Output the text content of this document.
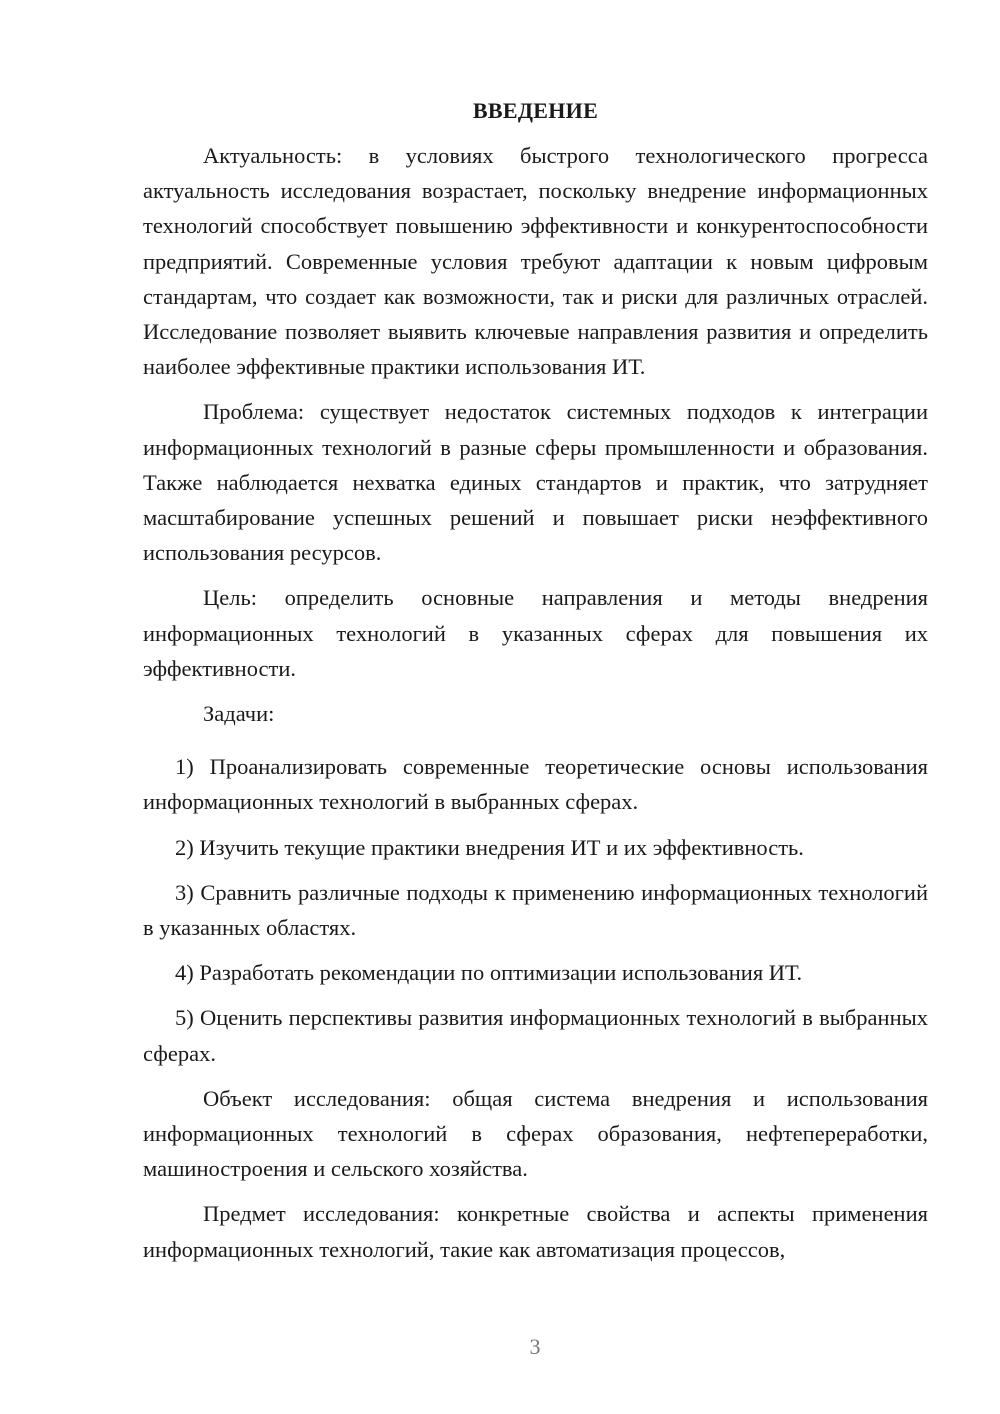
ВВЕДЕНИЕ
Актуальность: в условиях быстрого технологического прогресса актуальность исследования возрастает, поскольку внедрение информационных технологий способствует повышению эффективности и конкурентоспособности предприятий. Современные условия требуют адаптации к новым цифровым стандартам, что создает как возможности, так и риски для различных отраслей. Исследование позволяет выявить ключевые направления развития и определить наиболее эффективные практики использования ИТ.
Проблема: существует недостаток системных подходов к интеграции информационных технологий в разные сферы промышленности и образования. Также наблюдается нехватка единых стандартов и практик, что затрудняет масштабирование успешных решений и повышает риски неэффективного использования ресурсов.
Цель: определить основные направления и методы внедрения информационных технологий в указанных сферах для повышения их эффективности.
Задачи:
1) Проанализировать современные теоретические основы использования информационных технологий в выбранных сферах.
2) Изучить текущие практики внедрения ИТ и их эффективность.
3) Сравнить различные подходы к применению информационных технологий в указанных областях.
4) Разработать рекомендации по оптимизации использования ИТ.
5) Оценить перспективы развития информационных технологий в выбранных сферах.
Объект исследования: общая система внедрения и использования информационных технологий в сферах образования, нефтепереработки, машиностроения и сельского хозяйства.
Предмет исследования: конкретные свойства и аспекты применения информационных технологий, такие как автоматизация процессов,
3
